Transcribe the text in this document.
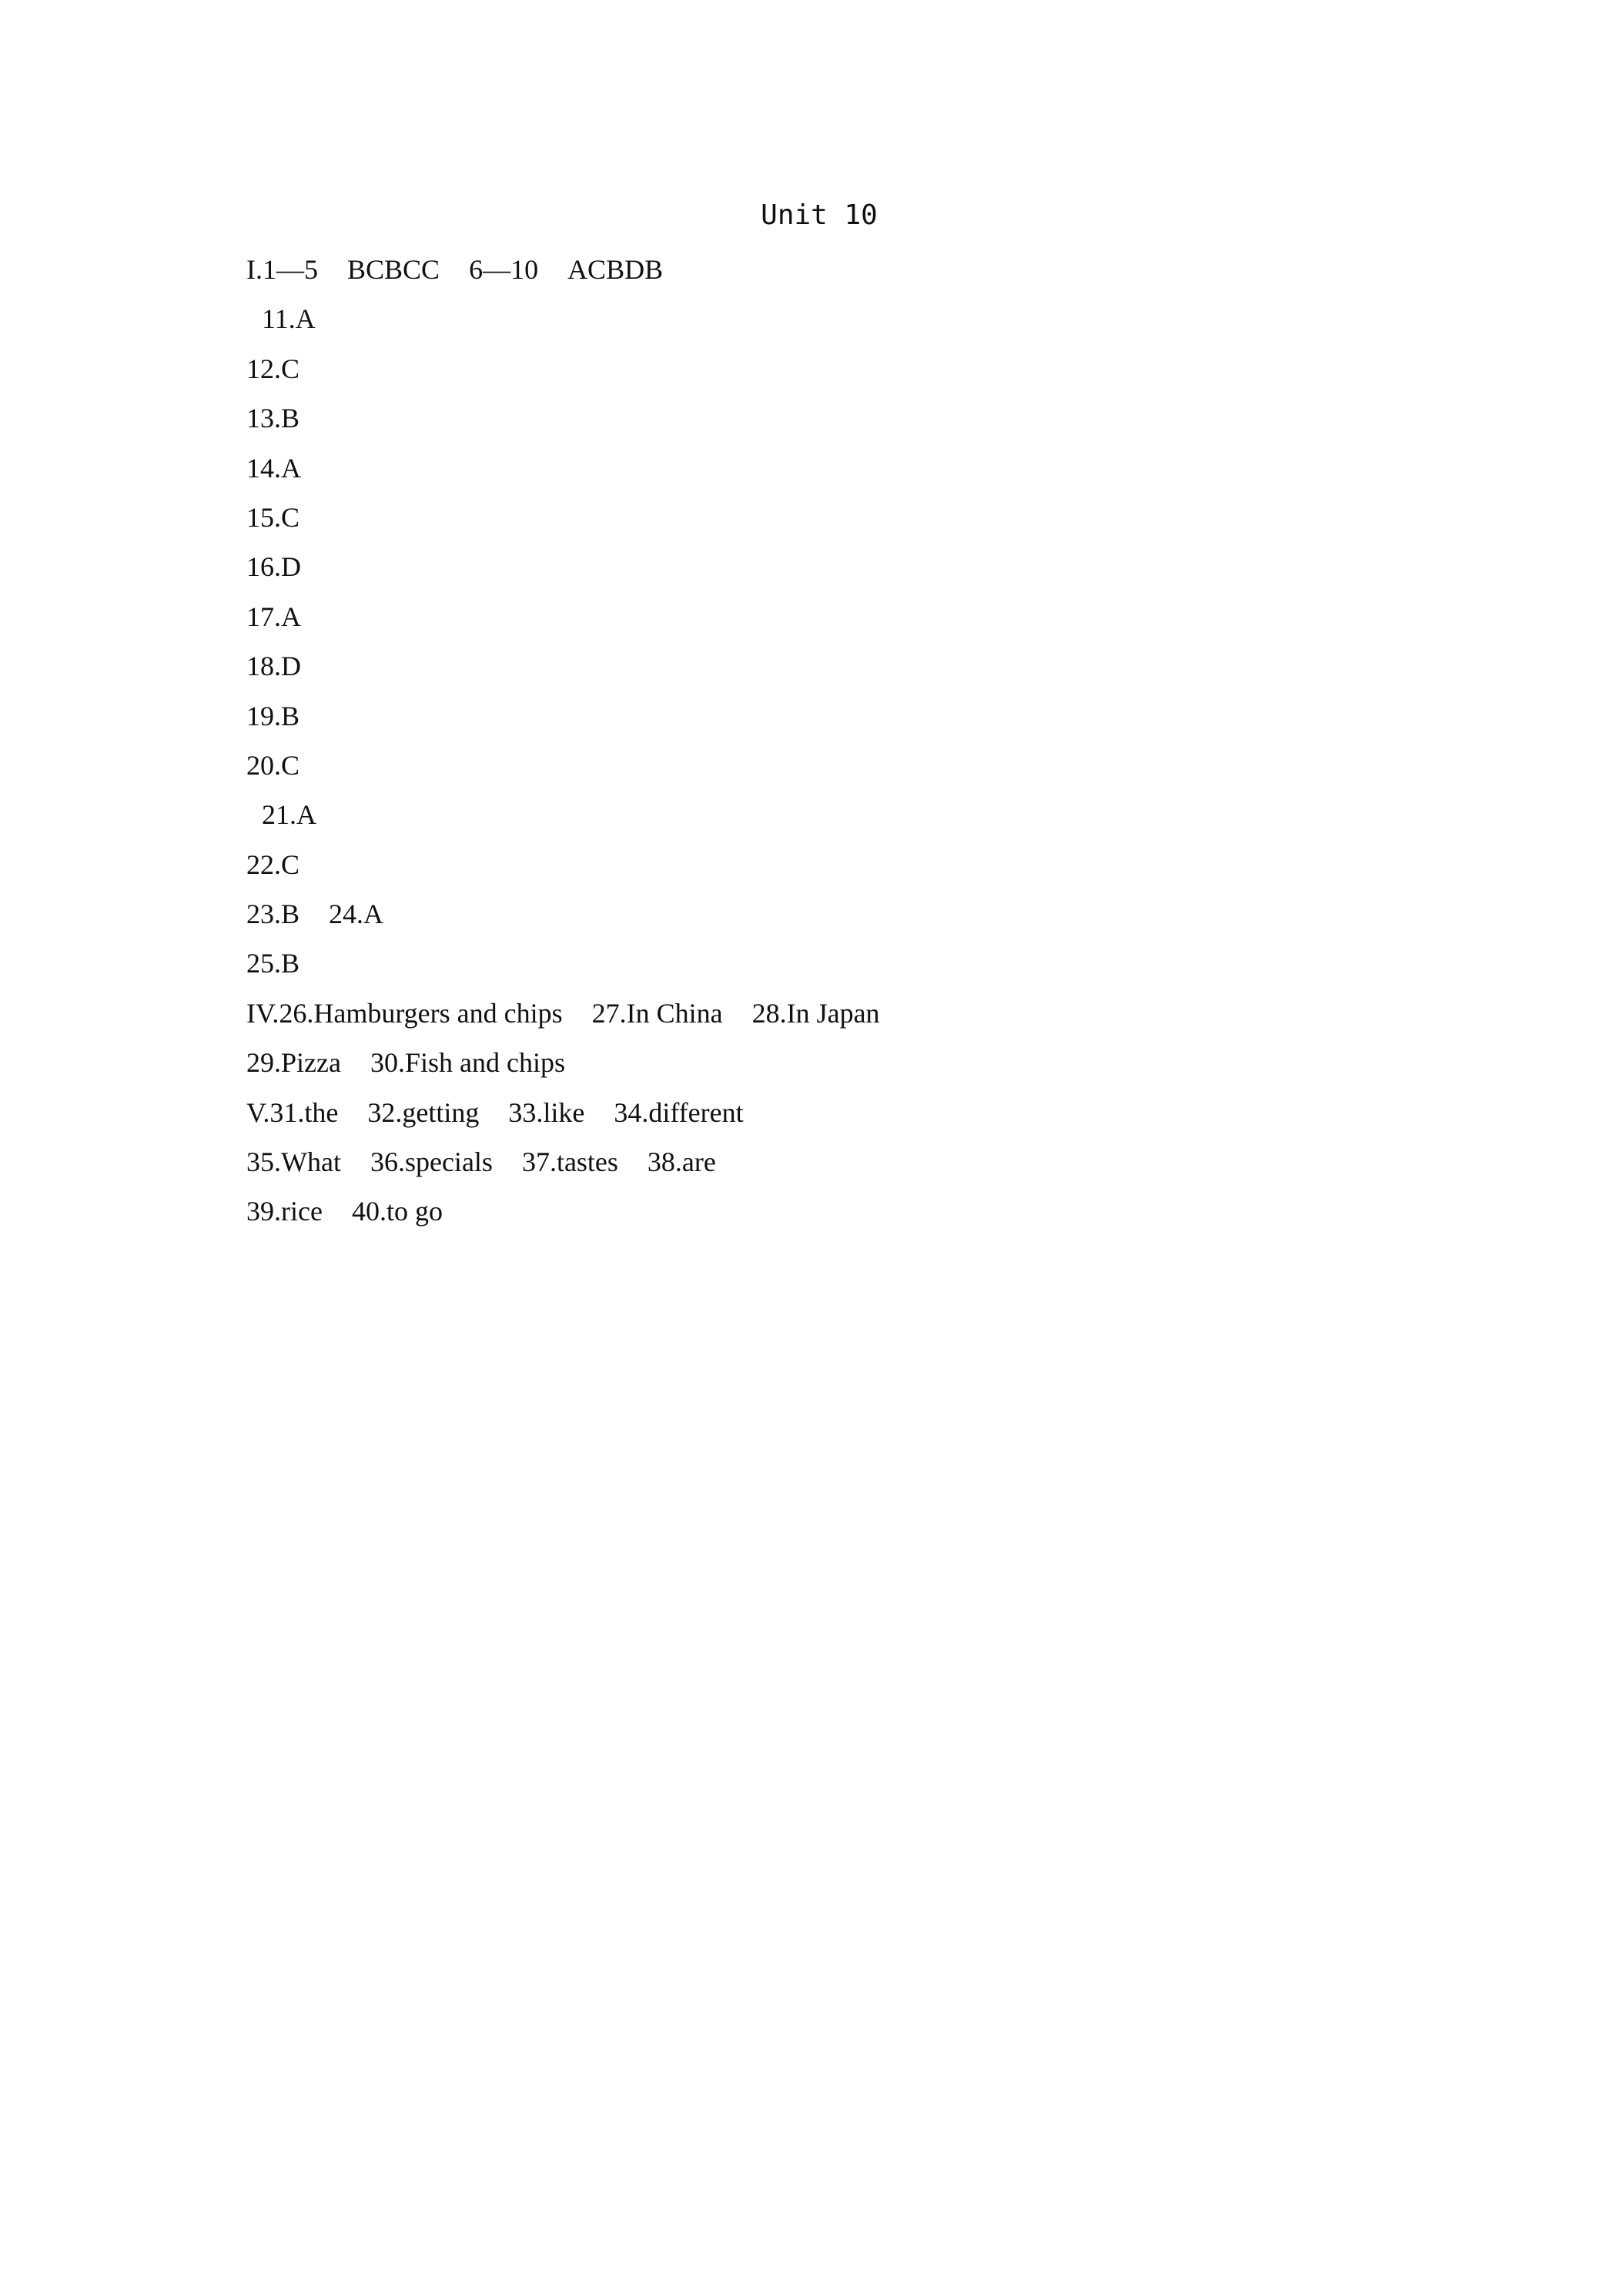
Unit 10
I.1—5 BCBCC 6—10 ACBDB
11.A
12.C
13.B
14.A
15.C
16.D
17.A
18.D
19.B
20.C
21.A
22.C
23.B 24.A
25.B
IV.26.Hamburgers and chips 27.In China 28.In Japan
29.Pizza 30.Fish and chips
V.31.the 32.getting 33.like 34.different
35.What 36.specials 37.tastes 38.are
39.rice 40.to go
